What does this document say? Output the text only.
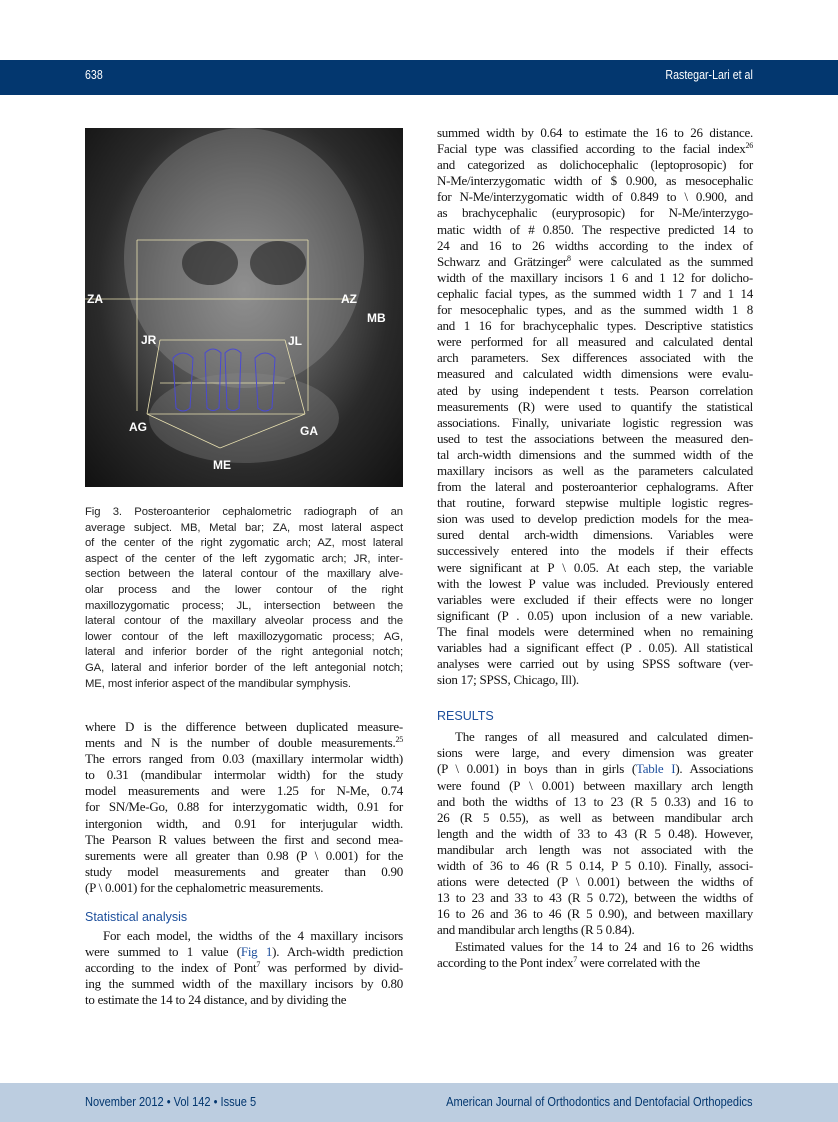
638	Rastegar-Lari et al
ZA	AZ
MB
JR	JL
AG	GA
ME
Fig 3. Posteroanterior cephalometric radiograph of an
average subject. MB, Metal bar; ZA, most lateral aspect
of the center of the right zygomatic arch; AZ, most lateral
aspect of the center of the left zygomatic arch; JR, inter-
section between the lateral contour of the maxillary alve-
olar process and the lower contour of the right
maxillozygomatic process; JL, intersection between the
lateral contour of the maxillary alveolar process and the
lower contour of the left maxillozygomatic process; AG,
lateral and inferior border of the right antegonial notch;
GA, lateral and inferior border of the left antegonial notch;
ME, most inferior aspect of the mandibular symphysis.
where D is the difference between duplicated measure-
ments and N is the number of double measurements.$^{25}$
The errors ranged from 0.03 (maxillary intermolar width)
to 0.31 (mandibular intermolar width) for the study
model measurements and were 1.25 for N-Me, 0.74
for SN/Me-Go, 0.88 for interzygomatic width, 0.91 for
intergonion width, and 0.91 for interjugular width.
The Pearson R values between the first and second mea-
surements were all greater than 0.98 (P \ 0.001) for the
study model measurements and greater than 0.90
(P \ 0.001) for the cephalometric measurements.
Statistical analysis
For each model, the widths of the 4 maxillary incisors
were summed to 1 value (Fig 1). Arch-width prediction
according to the index of Pont$^7$ was performed by divid-
ing the summed width of the maxillary incisors by 0.80
to estimate the 14 to 24 distance, and by dividing the
summed width by 0.64 to estimate the 16 to 26 distance.
Facial type was classified according to the facial index$^{26}$
and categorized as dolichocephalic (leptoprosopic) for
N-Me/interzygomatic width of $ 0.900, as mesocephalic
for N-Me/interzygomatic width of 0.849 to \ 0.900, and
as brachycephalic (euryprosopic) for N-Me/interzygo-
matic width of # 0.850. The respective predicted 14 to
24 and 16 to 26 widths according to the index of
Schwarz and Grätzinger$^8$ were calculated as the summed
width of the maxillary incisors 1 6 and 1 12 for dolicho-
cephalic facial types, as the summed width 1 7 and 1 14
for mesocephalic types, and as the summed width 1 8
and 1 16 for brachycephalic types. Descriptive statistics
were performed for all measured and calculated dental
arch parameters. Sex differences associated with the
measured and calculated width dimensions were evalu-
ated by using independent t tests. Pearson correlation
measurements (R) were used to quantify the statistical
associations. Finally, univariate logistic regression was
used to test the associations between the measured den-
tal arch-width dimensions and the summed width of the
maxillary incisors as well as the parameters calculated
from the lateral and posteroanterior cephalograms. After
that routine, forward stepwise multiple logistic regres-
sion was used to develop prediction models for the mea-
sured dental arch-width dimensions. Variables were
successively entered into the models if their effects
were significant at P \ 0.05. At each step, the variable
with the lowest P value was included. Previously entered
variables were excluded if their effects were no longer
significant (P . 0.05) upon inclusion of a new variable.
The final models were determined when no remaining
variables had a significant effect (P . 0.05). All statistical
analyses were carried out by using SPSS software (ver-
sion 17; SPSS, Chicago, Ill).
RESULTS
The ranges of all measured and calculated dimen-
sions were large, and every dimension was greater
(P \ 0.001) in boys than in girls (Table I). Associations
were found (P \ 0.001) between maxillary arch length
and both the widths of 13 to 23 (R 5 0.33) and 16 to
26 (R 5 0.55), as well as between mandibular arch
length and the width of 33 to 43 (R 5 0.48). However,
mandibular arch length was not associated with the
width of 36 to 46 (R 5 0.14, P 5 0.10). Finally, associ-
ations were detected (P \ 0.001) between the widths of
13 to 23 and 33 to 43 (R 5 0.72), between the widths of
16 to 26 and 36 to 46 (R 5 0.90), and between maxillary
and mandibular arch lengths (R 5 0.84).
Estimated values for the 14 to 24 and 16 to 26 widths
according to the Pont index$^7$ were correlated with the
November 2012 • Vol 142 • Issue 5	American Journal of Orthodontics and Dentofacial Orthopedics
